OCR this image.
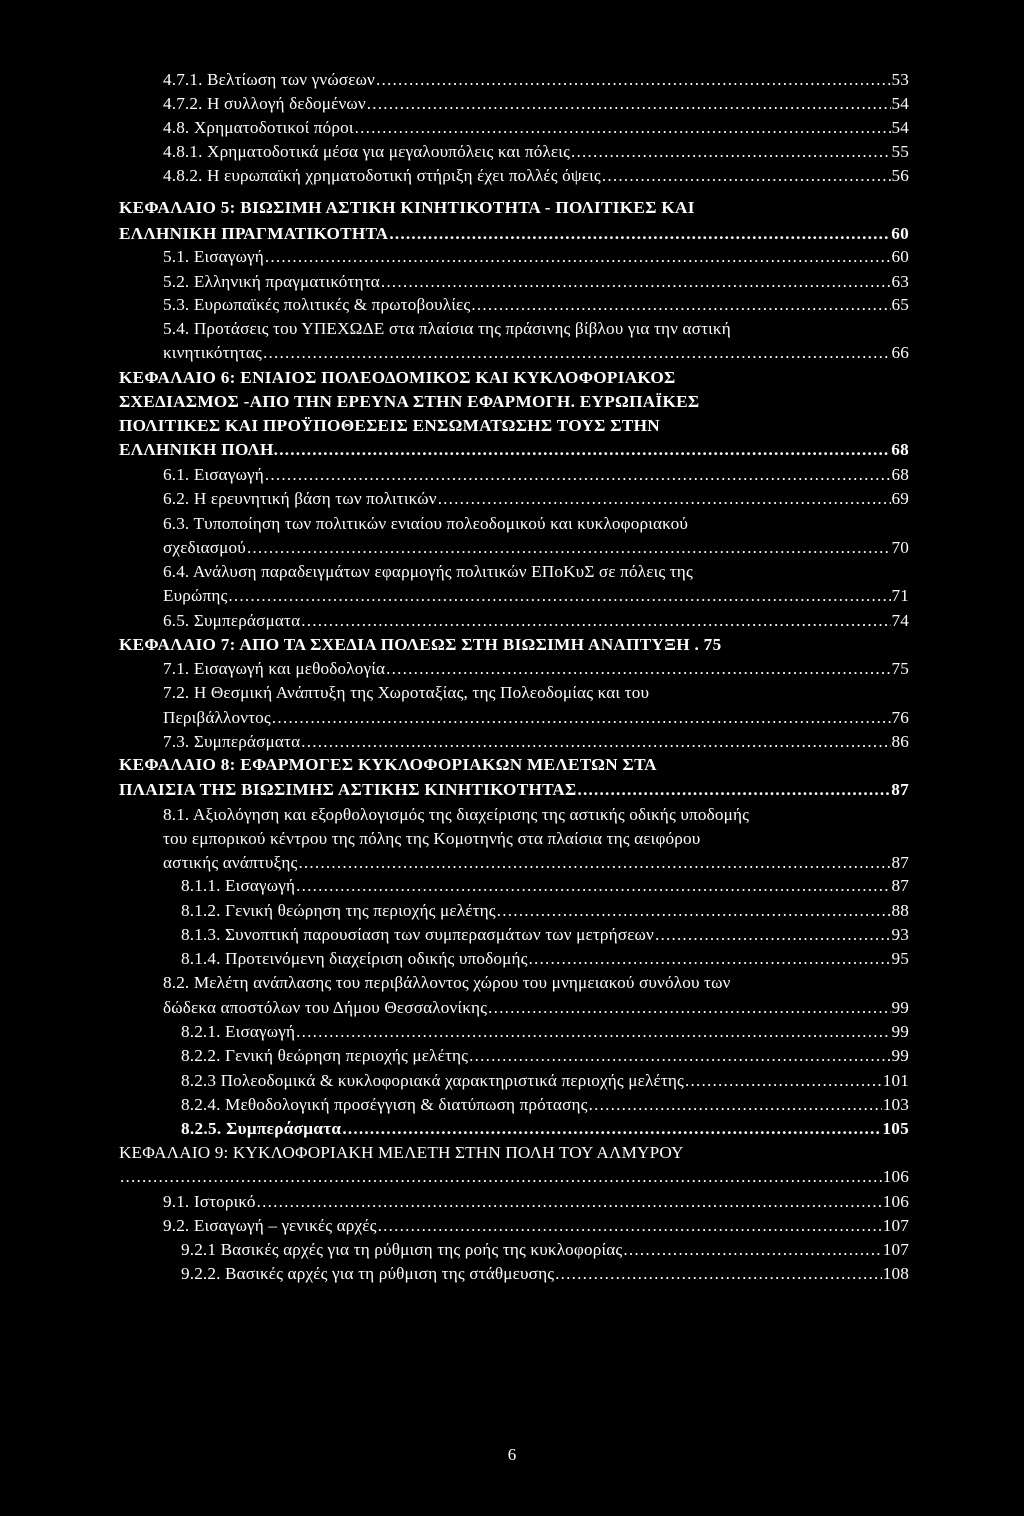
4.7.1. Βελτίωση των γνώσεων .....	53
4.7.2. Η συλλογή δεδομένων .....	54
4.8. Χρηματοδοτικοί πόροι .....	54
4.8.1. Χρηματοδοτικά μέσα για μεγαλουπόλεις και πόλεις .....	55
4.8.2. Η ευρωπαϊκή χρηματοδοτική στήριξη έχει πολλές όψεις .....	56
ΚΕΦΑΛΑΙΟ 5: ΒΙΩΣΙΜΗ ΑΣΤΙΚΗ ΚΙΝΗΤΙΚΟΤΗΤΑ - ΠΟΛΙΤΙΚΕΣ ΚΑΙ
ΕΛΛΗΝΙΚΗ ΠΡΑΓΜΑΤΙΚΟΤΗΤΑ .....	60
5.1. Εισαγωγή .....	60
5.2. Ελληνική πραγματικότητα .....	63
5.3. Ευρωπαϊκές πολιτικές & πρωτοβουλίες .....	65
5.4. Προτάσεις του ΥΠΕΧΩΔΕ στα πλαίσια της πράσινης βίβλου για την αστική
κινητικότητας .....	66
ΚΕΦΑΛΑΙΟ 6: ΕΝΙΑΙΟΣ ΠΟΛΕΟΔΟΜΙΚΟΣ ΚΑΙ ΚΥΚΛΟΦΟΡΙΑΚΟΣ
ΣΧΕΔΙΑΣΜΟΣ -ΑΠΟ ΤΗΝ ΕΡΕΥΝΑ ΣΤΗΝ ΕΦΑΡΜΟΓΗ. ΕΥΡΩΠΑΪΚΕΣ
ΠΟΛΙΤΙΚΕΣ ΚΑΙ ΠΡΟΫΠΟΘΕΣΕΙΣ ΕΝΣΩΜΑΤΩΣΗΣ ΤΟΥΣ ΣΤΗΝ
ΕΛΛΗΝΙΚΗ ΠΟΛΗ. .....	68
6.1. Εισαγωγή .....	68
6.2. Η ερευνητική βάση των πολιτικών .....	69
6.3. Τυποποίηση των πολιτικών ενιαίου πολεοδομικού και κυκλοφοριακού
σχεδιασμού .....	70
6.4. Ανάλυση παραδειγμάτων εφαρμογής πολιτικών ΕΠοΚυΣ σε πόλεις της
Ευρώπης .....	71
6.5. Συμπεράσματα .....	74
ΚΕΦΑΛΑΙΟ 7: ΑΠΟ ΤΑ ΣΧΕΔΙΑ ΠΟΛΕΩΣ ΣΤΗ ΒΙΩΣΙΜΗ ΑΝΑΠΤΥΞΗ . 75
7.1. Εισαγωγή και μεθοδολογία .....	75
7.2. Η Θεσμική Ανάπτυξη της Χωροταξίας, της Πολεοδομίας και του
Περιβάλλοντος .....	76
7.3. Συμπεράσματα .....	86
ΚΕΦΑΛΑΙΟ 8: ΕΦΑΡΜΟΓΕΣ ΚΥΚΛΟΦΟΡΙΑΚΩΝ ΜΕΛΕΤΩΝ ΣΤΑ
ΠΛΑΙΣΙΑ ΤΗΣ ΒΙΩΣΙΜΗΣ ΑΣΤΙΚΗΣ ΚΙΝΗΤΙΚΟΤΗΤΑΣ .....	87
8.1. Αξιολόγηση και εξορθολογισμός της διαχείρισης της αστικής οδικής υποδομής
του εμπορικού κέντρου της πόλης της Κομοτηνής στα πλαίσια της αειφόρου
αστικής ανάπτυξης .....	87
8.1.1. Εισαγωγή .....	87
8.1.2. Γενική θεώρηση της περιοχής μελέτης .....	88
8.1.3. Συνοπτική παρουσίαση των συμπερασμάτων των μετρήσεων .....	93
8.1.4. Προτεινόμενη διαχείριση οδικής υποδομής .....	95
8.2. Μελέτη ανάπλασης του περιβάλλοντος χώρου του μνημειακού συνόλου των
δώδεκα αποστόλων του Δήμου Θεσσαλονίκης .....	99
8.2.1. Εισαγωγή .....	99
8.2.2. Γενική θεώρηση περιοχής μελέτης .....	99
8.2.3 Πολεοδομικά & κυκλοφοριακά χαρακτηριστικά περιοχής μελέτης .....	101
8.2.4. Μεθοδολογική προσέγγιση & διατύπωση πρότασης .....	103
8.2.5. Συμπεράσματα .....	105
ΚΕΦΑΛΑΙΟ 9: ΚΥΚΛΟΦΟΡΙΑΚΗ ΜΕΛΕΤΗ ΣΤΗΝ ΠΟΛΗ ΤΟΥ ΑΛΜΥΡΟΥ
.....
106
9.1. Ιστορικό .....	106
9.2. Εισαγωγή – γενικές αρχές .....	107
9.2.1 Βασικές αρχές για τη ρύθμιση της ροής της κυκλοφορίας .....	107
9.2.2. Βασικές αρχές για τη ρύθμιση της στάθμευσης .....	108
6
